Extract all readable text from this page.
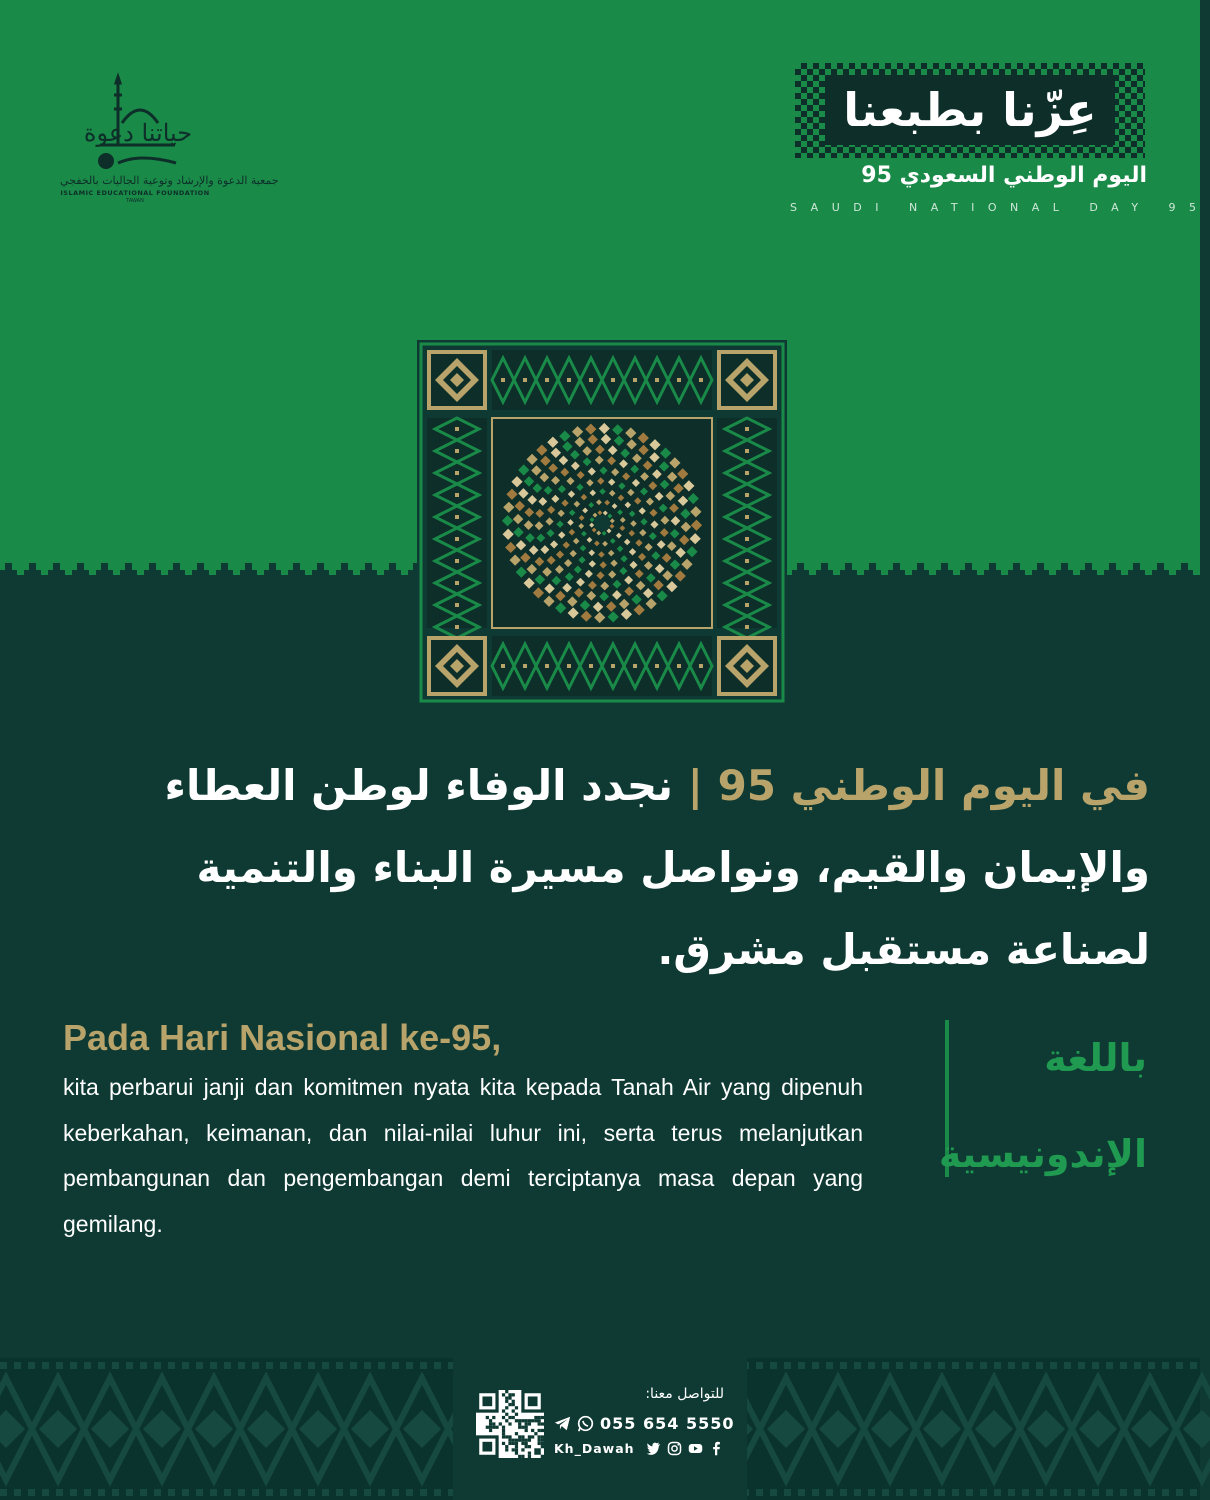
حياتنا دعوة
جمعية الدعوة والإرشاد وتوعية الجاليات بالخفجي
ISLAMIC EDUCATIONAL FOUNDATION
TAWAN
عِزّنا بطبعنا
اليوم الوطني السعودي 95
SAUDI NATIONAL DAY 95
في اليوم الوطني 95 | نجدد الوفاء لوطن العطاء والإيمان والقيم، ونواصل مسيرة البناء والتنمية لصناعة مستقبل مشرق.
Pada Hari Nasional ke-95,
kita perbarui janji dan komitmen nyata kita kepada Tanah Air yang dipenuh keberkahan, keimanan, dan nilai-nilai luhur ini, serta terus melanjutkan pembangunan dan pengembangan demi terciptanya masa depan yang gemilang.
باللغة
الإندونيسية
للتواصل معنا:
055 654 5550
Kh_Dawah
